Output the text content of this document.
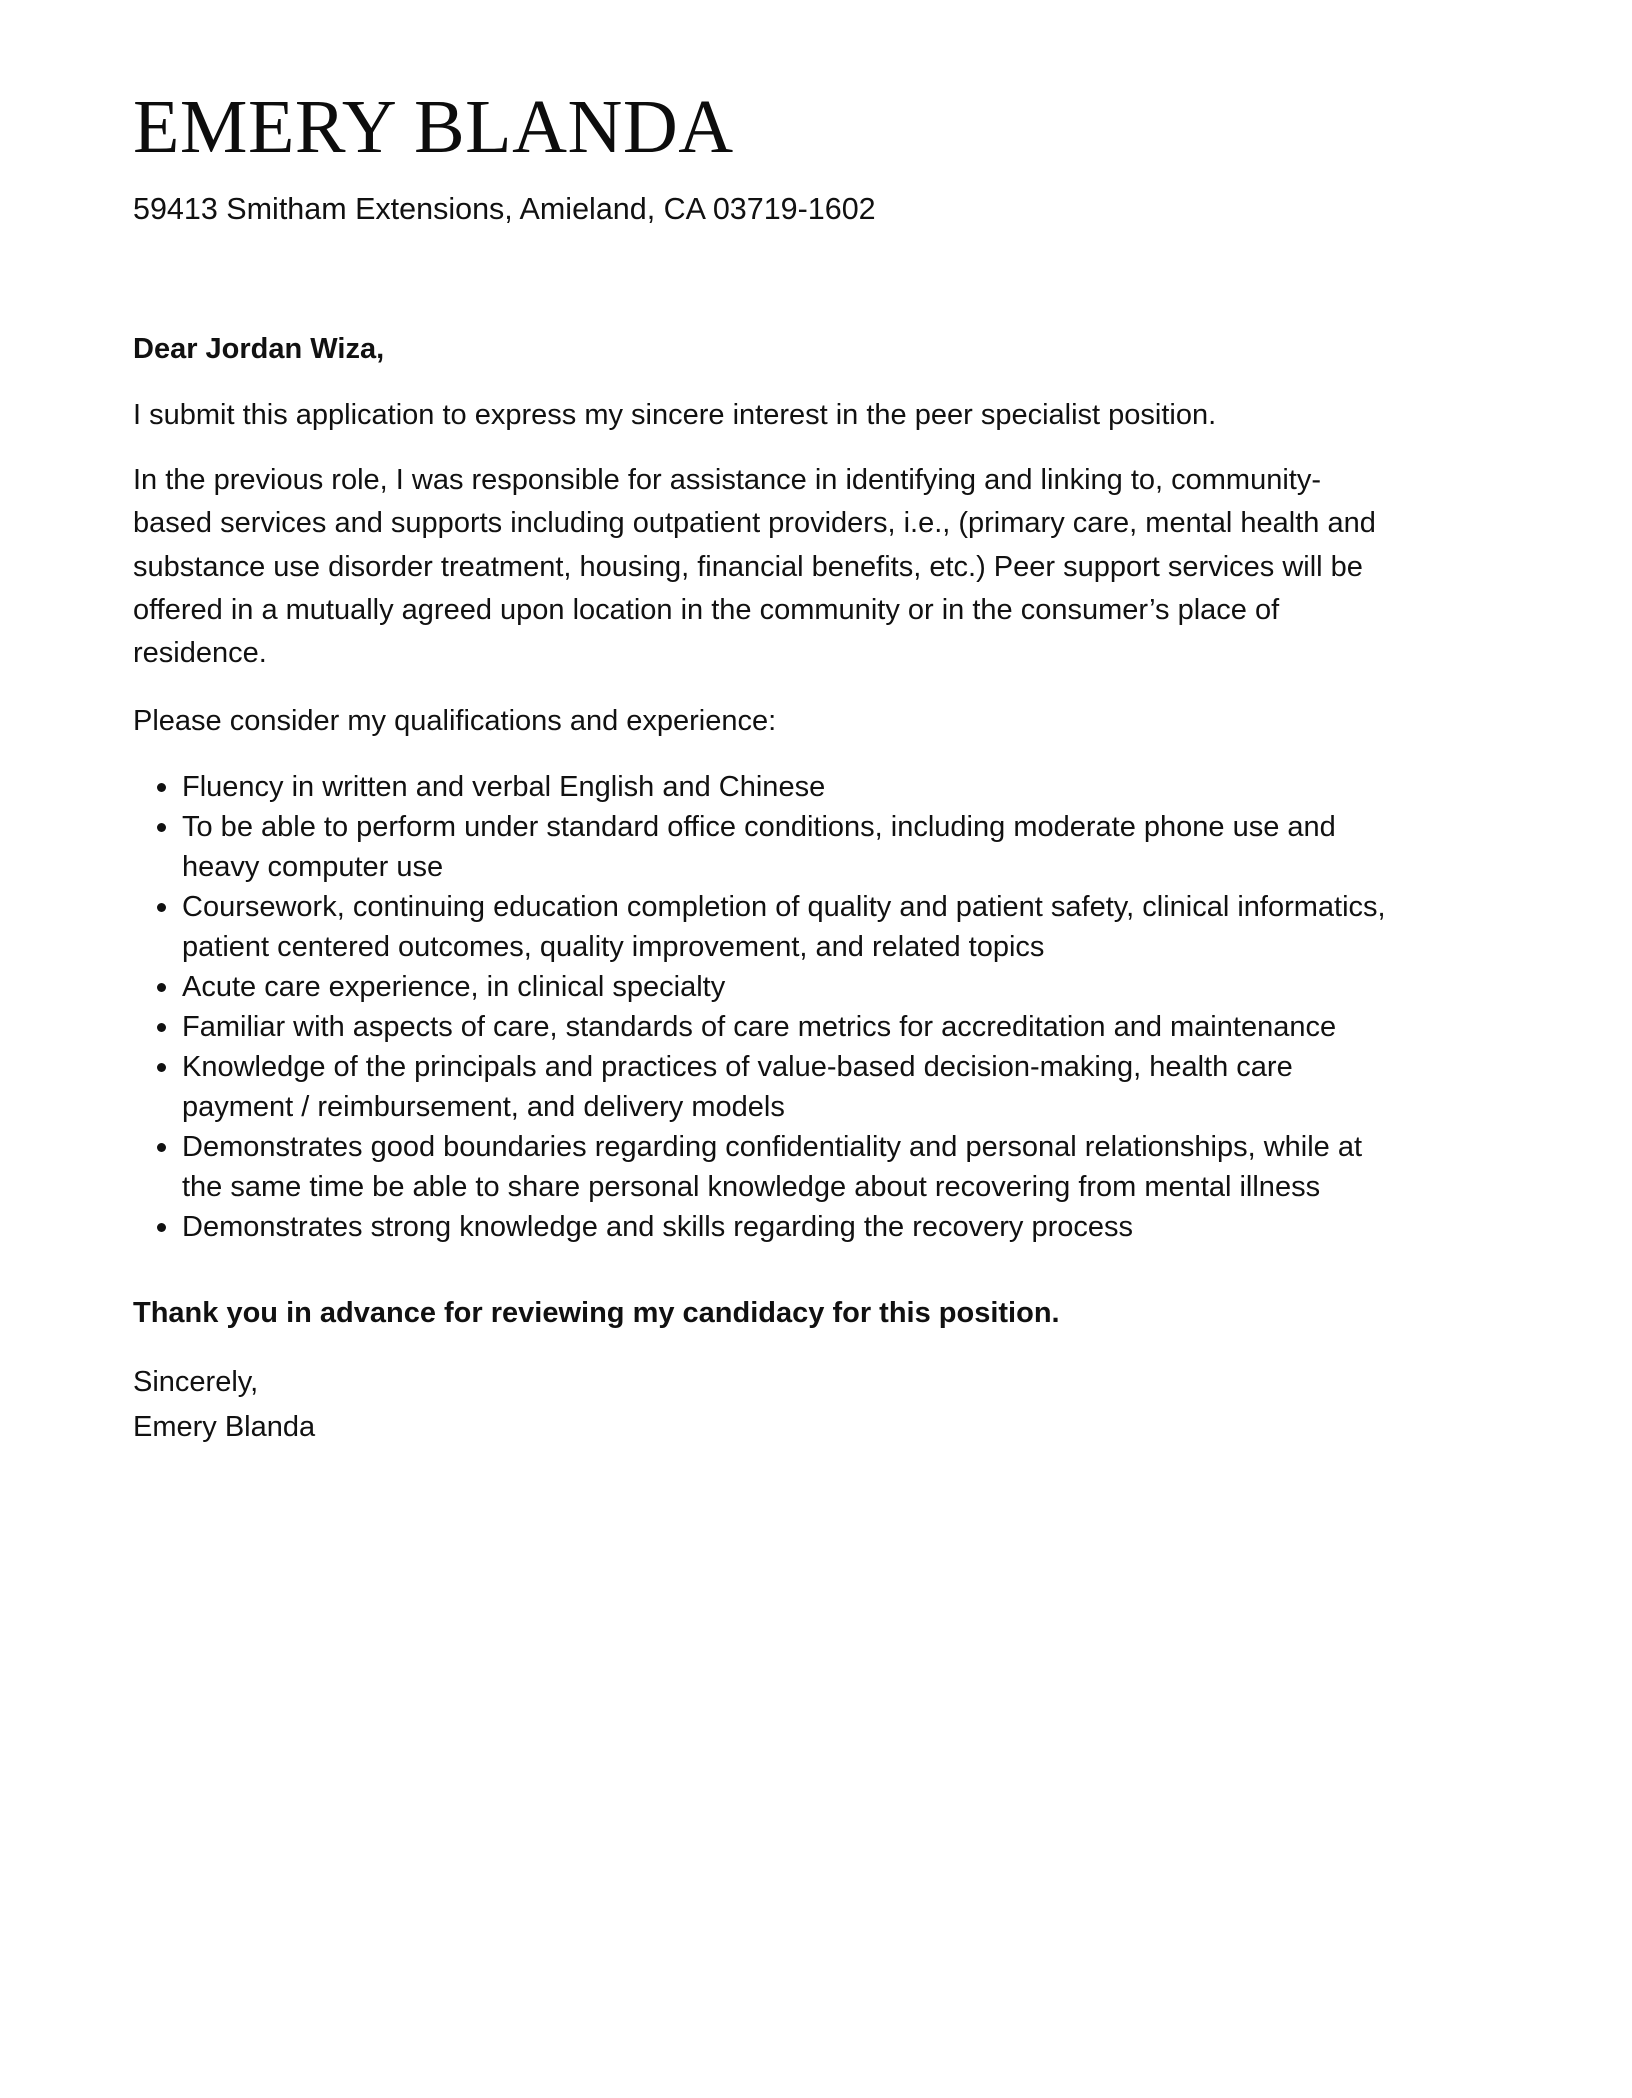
EMERY BLANDA
59413 Smitham Extensions, Amieland, CA 03719-1602
Dear Jordan Wiza,
I submit this application to express my sincere interest in the peer specialist position.
In the previous role, I was responsible for assistance in identifying and linking to, community-
based services and supports including outpatient providers, i.e., (primary care, mental health and
substance use disorder treatment, housing, financial benefits, etc.) Peer support services will be
offered in a mutually agreed upon location in the community or in the consumer’s place of
residence.
Please consider my qualifications and experience:
Fluency in written and verbal English and Chinese
To be able to perform under standard office conditions, including moderate phone use and
heavy computer use
Coursework, continuing education completion of quality and patient safety, clinical informatics,
patient centered outcomes, quality improvement, and related topics
Acute care experience, in clinical specialty
Familiar with aspects of care, standards of care metrics for accreditation and maintenance
Knowledge of the principals and practices of value-based decision-making, health care
payment / reimbursement, and delivery models
Demonstrates good boundaries regarding confidentiality and personal relationships, while at
the same time be able to share personal knowledge about recovering from mental illness
Demonstrates strong knowledge and skills regarding the recovery process
Thank you in advance for reviewing my candidacy for this position.
Sincerely,
Emery Blanda
